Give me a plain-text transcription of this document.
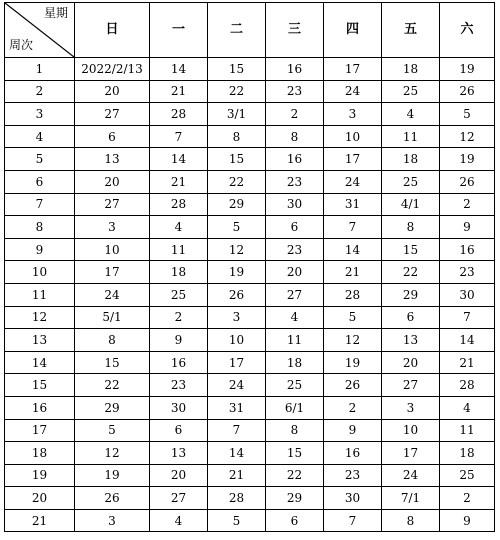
星期
周次	日	一	二	三	四	五	六
1	2022/2/13	14	15	16	17	18	19
2	20	21	22	23	24	25	26
3	27	28	3/1	2	3	4	5
4	6	7	8	8	10	11	12
5	13	14	15	16	17	18	19
6	20	21	22	23	24	25	26
7	27	28	29	30	31	4/1	2
8	3	4	5	6	7	8	9
9	10	11	12	23	14	15	16
10	17	18	19	20	21	22	23
11	24	25	26	27	28	29	30
12	5/1	2	3	4	5	6	7
13	8	9	10	11	12	13	14
14	15	16	17	18	19	20	21
15	22	23	24	25	26	27	28
16	29	30	31	6/1	2	3	4
17	5	6	7	8	9	10	11
18	12	13	14	15	16	17	18
19	19	20	21	22	23	24	25
20	26	27	28	29	30	7/1	2
21	3	4	5	6	7	8	9
